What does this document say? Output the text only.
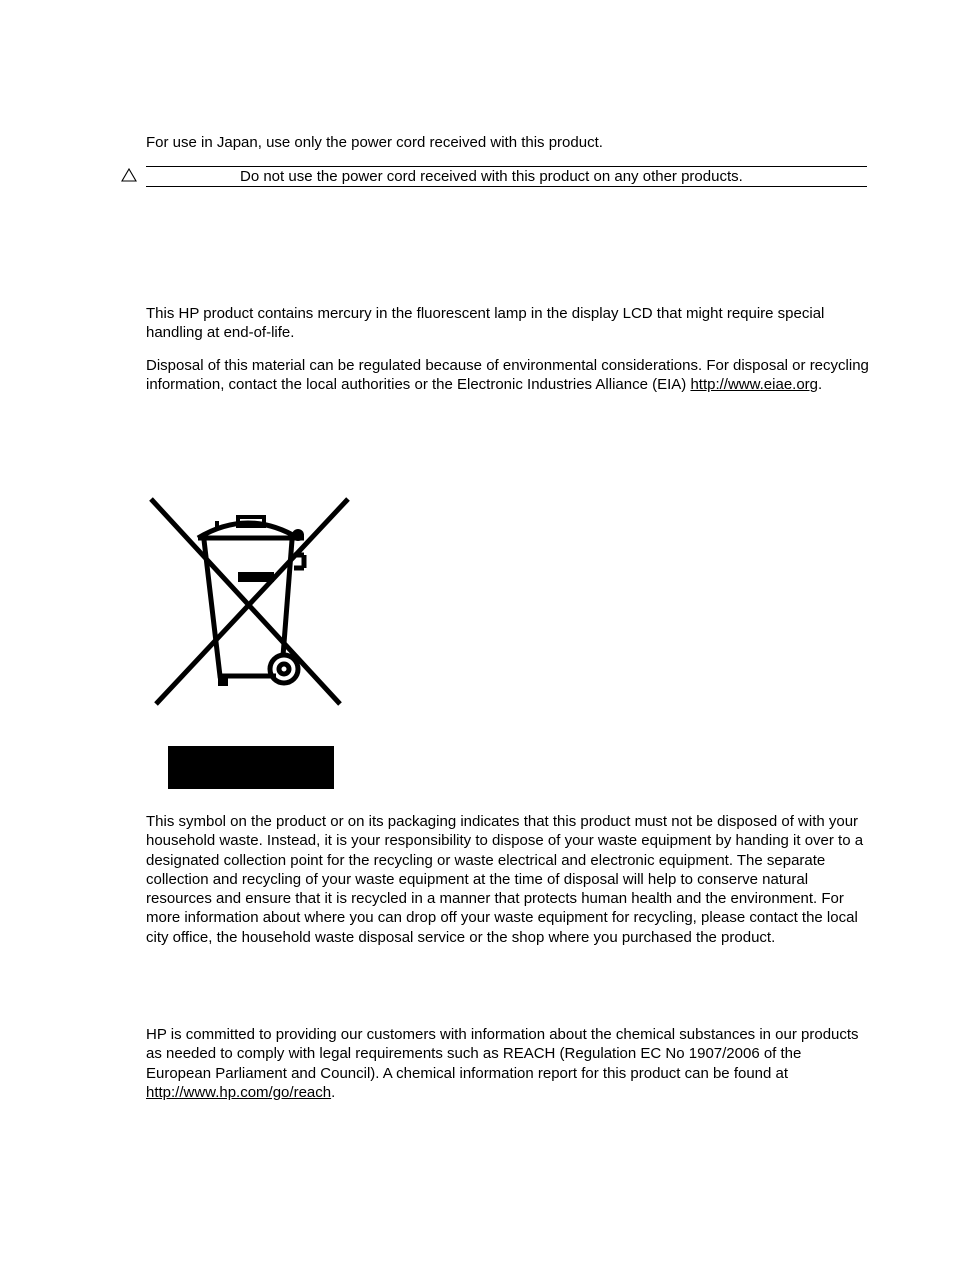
For use in Japan, use only the power cord received with this product.

Do not use the power cord received with this product on any other products.

This HP product contains mercury in the fluorescent lamp in the display LCD that might require special handling at end-of-life.

Disposal of this material can be regulated because of environmental considerations. For disposal or recycling information, contact the local authorities or the Electronic Industries Alliance (EIA) http://www.eiae.org.

This symbol on the product or on its packaging indicates that this product must not be disposed of with your household waste. Instead, it is your responsibility to dispose of your waste equipment by handing it over to a designated collection point for the recycling or waste electrical and electronic equipment. The separate collection and recycling of your waste equipment at the time of disposal will help to conserve natural resources and ensure that it is recycled in a manner that protects human health and the environment. For more information about where you can drop off your waste equipment for recycling, please contact the local city office, the household waste disposal service or the shop where you purchased the product.

HP is committed to providing our customers with information about the chemical substances in our products as needed to comply with legal requirements such as REACH (Regulation EC No 1907/2006 of the European Parliament and Council). A chemical information report for this product can be found at http://www.hp.com/go/reach.
